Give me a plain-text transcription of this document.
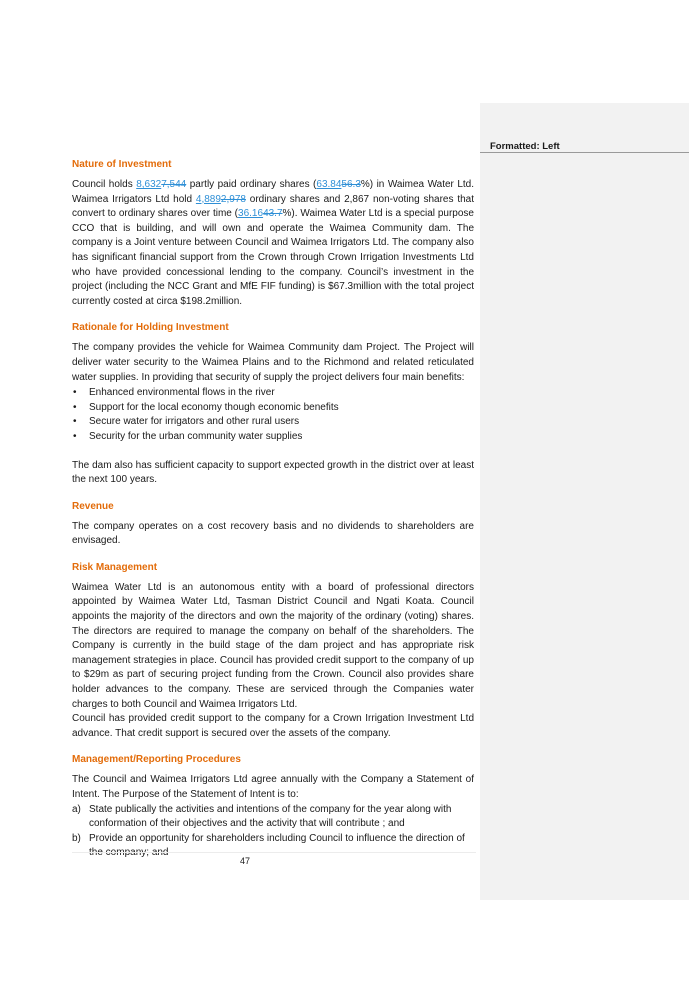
Formatted: Left
Nature of Investment

Council holds 8,6327,544 partly paid ordinary shares (63.8456.3%) in Waimea Water Ltd. Waimea Irrigators Ltd hold 4,8892,978 ordinary shares and 2,867 non-voting shares that convert to ordinary shares over time (36.1643.7%). Waimea Water Ltd is a special purpose CCO that is building, and will own and operate the Waimea Community dam. The company is a Joint venture between Council and Waimea Irrigators Ltd. The company also has significant financial support from the Crown through Crown Irrigation Investments Ltd who have provided concessional lending to the company. Council’s investment in the project (including the NCC Grant and MfE FIF funding) is $67.3million with the total project currently costed at circa $198.2million.

Rationale for Holding Investment

The company provides the vehicle for Waimea Community dam Project. The Project will deliver water security to the Waimea Plains and to the Richmond and related reticulated water supplies. In providing that security of supply the project delivers four main benefits:

• Enhanced environmental flows in the river
• Support for the local economy though economic benefits
• Secure water for irrigators and other rural users
• Security for the urban community water supplies

The dam also has sufficient capacity to support expected growth in the district over at least the next 100 years.

Revenue

The company operates on a cost recovery basis and no dividends to shareholders are envisaged.

Risk Management

Waimea Water Ltd is an autonomous entity with a board of professional directors appointed by Waimea Water Ltd, Tasman District Council and Ngati Koata. Council appoints the majority of the directors and own the majority of the ordinary (voting) shares. The directors are required to manage the company on behalf of the shareholders. The Company is currently in the build stage of the dam project and has appropriate risk management strategies in place. Council has provided credit support to the company of up to $29m as part of securing project funding from the Crown. Council also provides share holder advances to the company. These are serviced through the Companies water charges to both Council and Waimea Irrigators Ltd.

Council has provided credit support to the company for a Crown Irrigation Investment Ltd advance. That credit support is secured over the assets of the company.

Management/Reporting Procedures

The Council and Waimea Irrigators Ltd agree annually with the Company a Statement of Intent. The Purpose of the Statement of Intent is to:

a) State publically the activities and intentions of the company for the year along with conformation of their objectives and the activity that will contribute ; and
b) Provide an opportunity for shareholders including Council to influence the direction of
47
